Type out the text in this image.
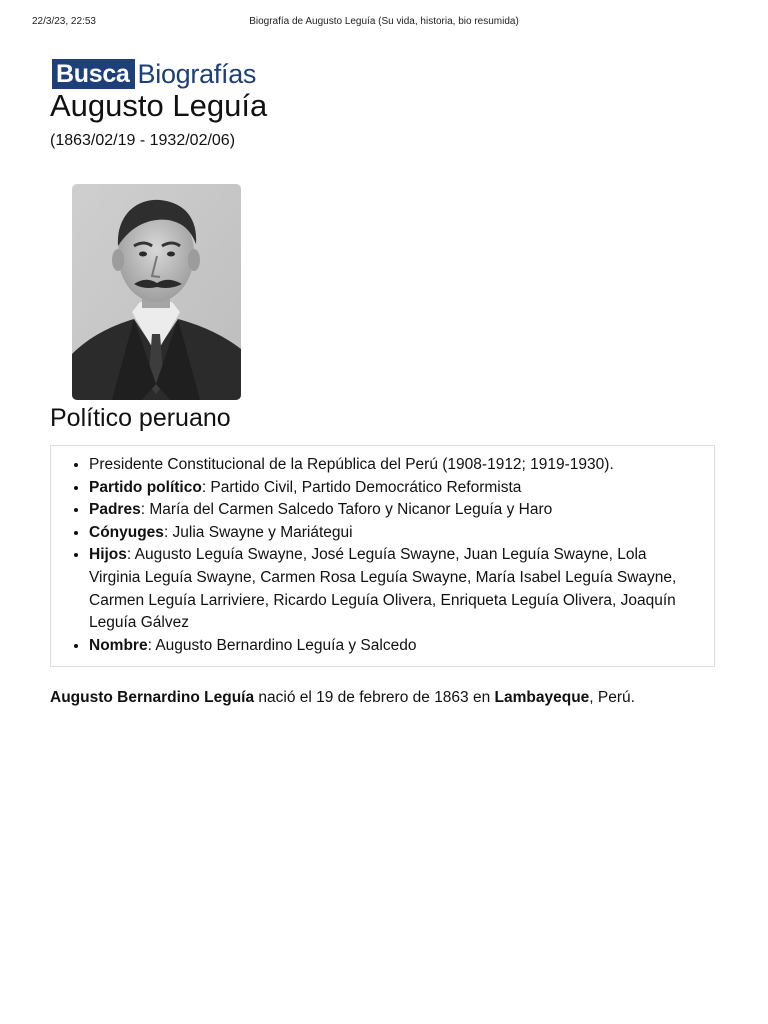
22/3/23, 22:53	Biografía de Augusto Leguía (Su vida, historia, bio resumida)
Busca Biografías
Augusto Leguía
(1863/02/19 - 1932/02/06)
Político peruano
• Presidente Constitucional de la República del Perú (1908-1912; 1919-1930).
• Partido político: Partido Civil, Partido Democrático Reformista
• Padres: María del Carmen Salcedo Taforo y Nicanor Leguía y Haro
• Cónyuges: Julia Swayne y Mariátegui
• Hijos: Augusto Leguía Swayne, José Leguía Swayne, Juan Leguía Swayne, Lola Virginia Leguía Swayne, Carmen Rosa Leguía Swayne, María Isabel Leguía Swayne, Carmen Leguía Larriviere, Ricardo Leguía Olivera, Enriqueta Leguía Olivera, Joaquín Leguía Gálvez
• Nombre: Augusto Bernardino Leguía y Salcedo

Augusto Bernardino Leguía nació el 19 de febrero de 1863 en Lambayeque, Perú.
